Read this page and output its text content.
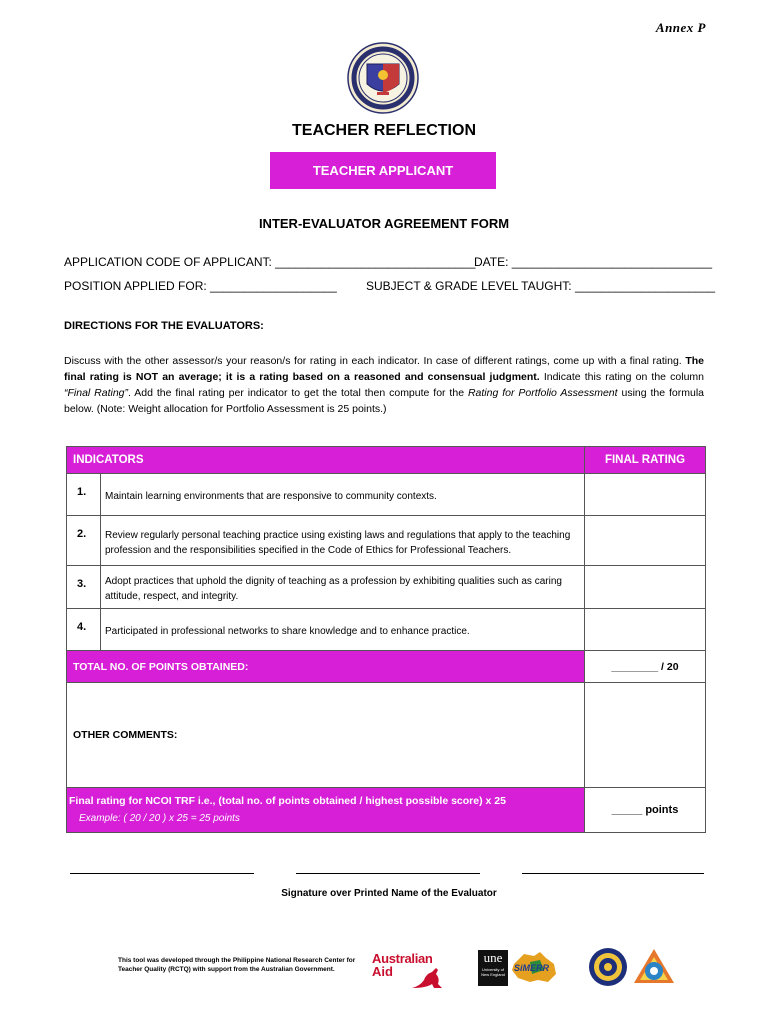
Annex P
TEACHER REFLECTION
TEACHER APPLICANT
INTER-EVALUATOR AGREEMENT FORM
APPLICATION CODE OF APPLICANT: ______________________________
DATE: ______________________________
POSITION APPLIED FOR: ___________________ SUBJECT & GRADE LEVEL TAUGHT: _____________________
DIRECTIONS FOR THE EVALUATORS:
Discuss with the other assessor/s your reason/s for rating in each indicator. In case of different ratings, come up with a final rating. The final rating is NOT an average; it is a rating based on a reasoned and consensual judgment. Indicate this rating on the column “Final Rating”. Add the final rating per indicator to get the total then compute for the Rating for Portfolio Assessment using the formula below. (Note: Weight allocation for Portfolio Assessment is 25 points.)
INDICATORS		FINAL RATING
1.	Maintain learning environments that are responsive to community contexts.	
2.	Review regularly personal teaching practice using existing laws and regulations that apply to the teaching profession and the responsibilities specified in the Code of Ethics for Professional Teachers.	
3.	Adopt practices that uphold the dignity of teaching as a profession by exhibiting qualities such as caring attitude, respect, and integrity.	
4.	Participated in professional networks to share knowledge and to enhance practice.	
TOTAL NO. OF POINTS OBTAINED:		________ / 20
OTHER COMMENTS:		

Final rating for NCOI TRF i.e., (total no. of points obtained / highest possible score) x 25
Example: ( 20 / 20 ) x 25 = 25 points		_____ points
Signature over Printed Name of the Evaluator
This tool was developed through the Philippine National Research Center for Teacher Quality (RCTQ) with support from the Australian Government.
Australian
Aid
une
University of New England
SiMERR
